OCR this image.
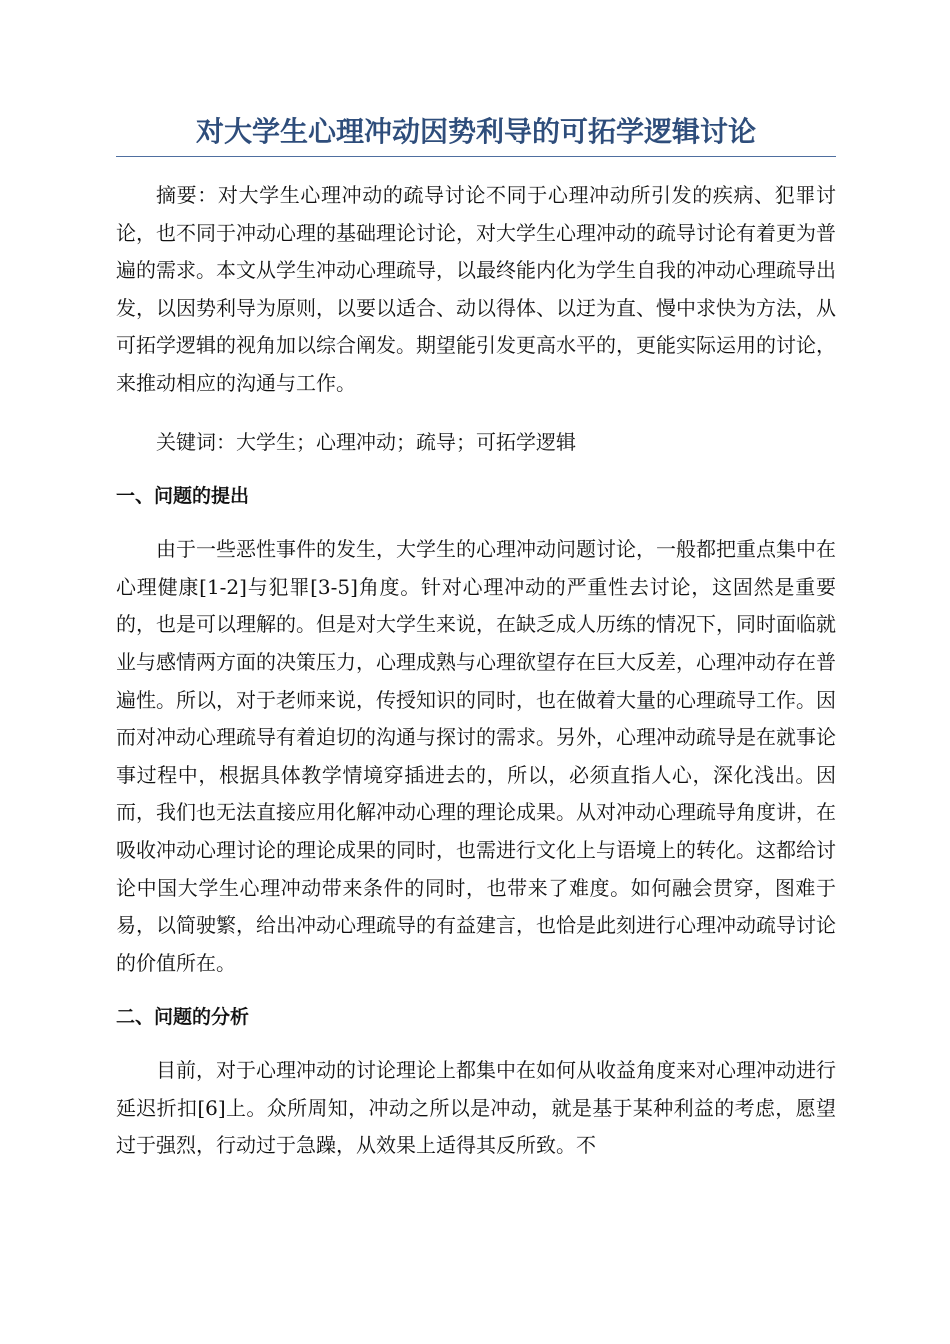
对大学生心理冲动因势利导的可拓学逻辑讨论

摘要：对大学生心理冲动的疏导讨论不同于心理冲动所引发的疾病、犯罪讨论，也不同于冲动心理的基础理论讨论，对大学生心理冲动的疏导讨论有着更为普遍的需求。本文从学生冲动心理疏导，以最终能内化为学生自我的冲动心理疏导出发，以因势利导为原则，以要以适合、动以得体、以迂为直、慢中求快为方法，从可拓学逻辑的视角加以综合阐发。期望能引发更高水平的，更能实际运用的讨论，来推动相应的沟通与工作。

关键词：大学生；心理冲动；疏导；可拓学逻辑

一、问题的提出

由于一些恶性事件的发生，大学生的心理冲动问题讨论，一般都把重点集中在心理健康[1-2]与犯罪[3-5]角度。针对心理冲动的严重性去讨论，这固然是重要的，也是可以理解的。但是对大学生来说，在缺乏成人历练的情况下，同时面临就业与感情两方面的决策压力，心理成熟与心理欲望存在巨大反差，心理冲动存在普遍性。所以，对于老师来说，传授知识的同时，也在做着大量的心理疏导工作。因而对冲动心理疏导有着迫切的沟通与探讨的需求。另外，心理冲动疏导是在就事论事过程中，根据具体教学情境穿插进去的，所以，必须直指人心，深化浅出。因而，我们也无法直接应用化解冲动心理的理论成果。从对冲动心理疏导角度讲，在吸收冲动心理讨论的理论成果的同时，也需进行文化上与语境上的转化。这都给讨论中国大学生心理冲动带来条件的同时，也带来了难度。如何融会贯穿，图难于易，以简驶繁，给出冲动心理疏导的有益建言，也恰是此刻进行心理冲动疏导讨论的价值所在。

二、问题的分析

目前，对于心理冲动的讨论理论上都集中在如何从收益角度来对心理冲动进行延迟折扣[6]上。众所周知，冲动之所以是冲动，就是基于某种利益的考虑，愿望过于强烈，行动过于急躁，从效果上适得其反所致。不
